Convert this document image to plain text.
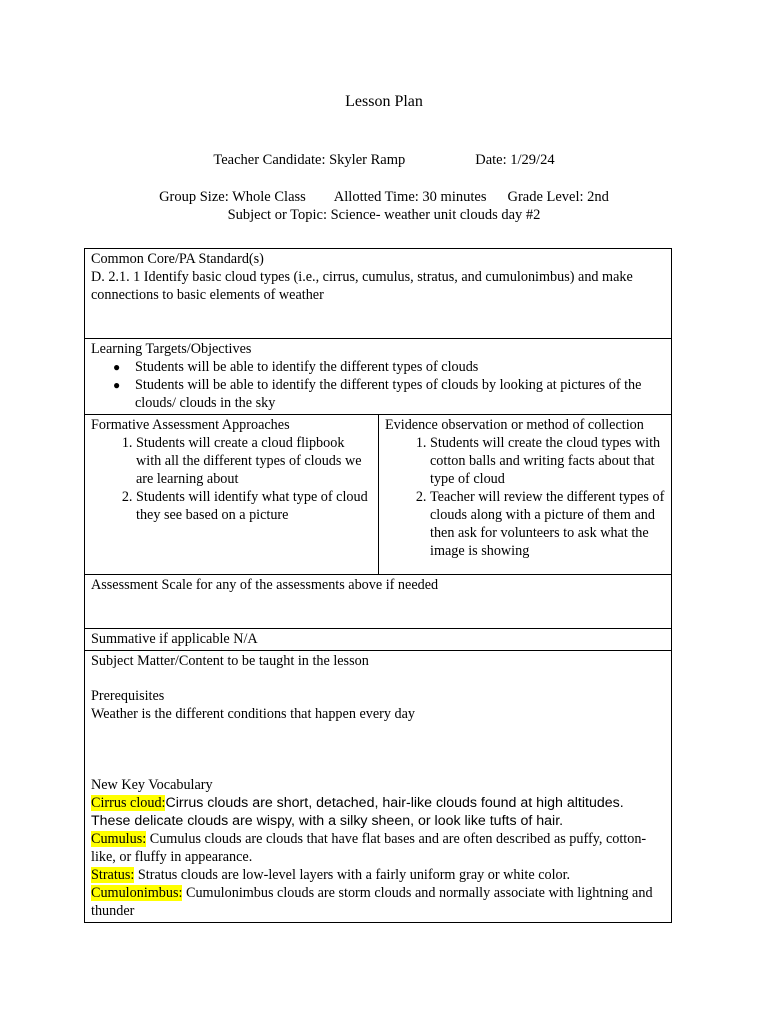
Lesson Plan
Teacher Candidate: Skyler Ramp	Date: 1/29/24
Group Size: Whole Class Allotted Time: 30 minutes Grade Level: 2nd
Subject or Topic: Science- weather unit clouds day #2
Common Core/PA Standard(s)
D. 2.1. 1 Identify basic cloud types (i.e., cirrus, cumulus, stratus, and cumulonimbus) and make connections to basic elements of weather

Learning Targets/Objectives
● Students will be able to identify the different types of clouds
● Students will be able to identify the different types of clouds by looking at pictures of the clouds/ clouds in the sky

Formative Assessment Approaches
1. Students will create a cloud flipbook with all the different types of clouds we are learning about
2. Students will identify what type of cloud they see based on a picture

Evidence observation or method of collection
1. Students will create the cloud types with cotton balls and writing facts about that type of cloud
2. Teacher will review the different types of clouds along with a picture of them and then ask for volunteers to ask what the image is showing

Assessment Scale for any of the assessments above if needed

Summative if applicable N/A

Subject Matter/Content to be taught in the lesson
Prerequisites
Weather is the different conditions that happen every day
New Key Vocabulary

Cirrus cloud:Cirrus clouds are short, detached, hair-like clouds found at high altitudes. These delicate clouds are wispy, with a silky sheen, or look like tufts of hair.

Cumulus: Cumulus clouds are clouds that have flat bases and are often described as puffy, cotton-like, or fluffy in appearance.

Stratus: Stratus clouds are low-level layers with a fairly uniform gray or white color.

Cumulonimbus: Cumulonimbus clouds are storm clouds and normally associate with lightning and thunder
